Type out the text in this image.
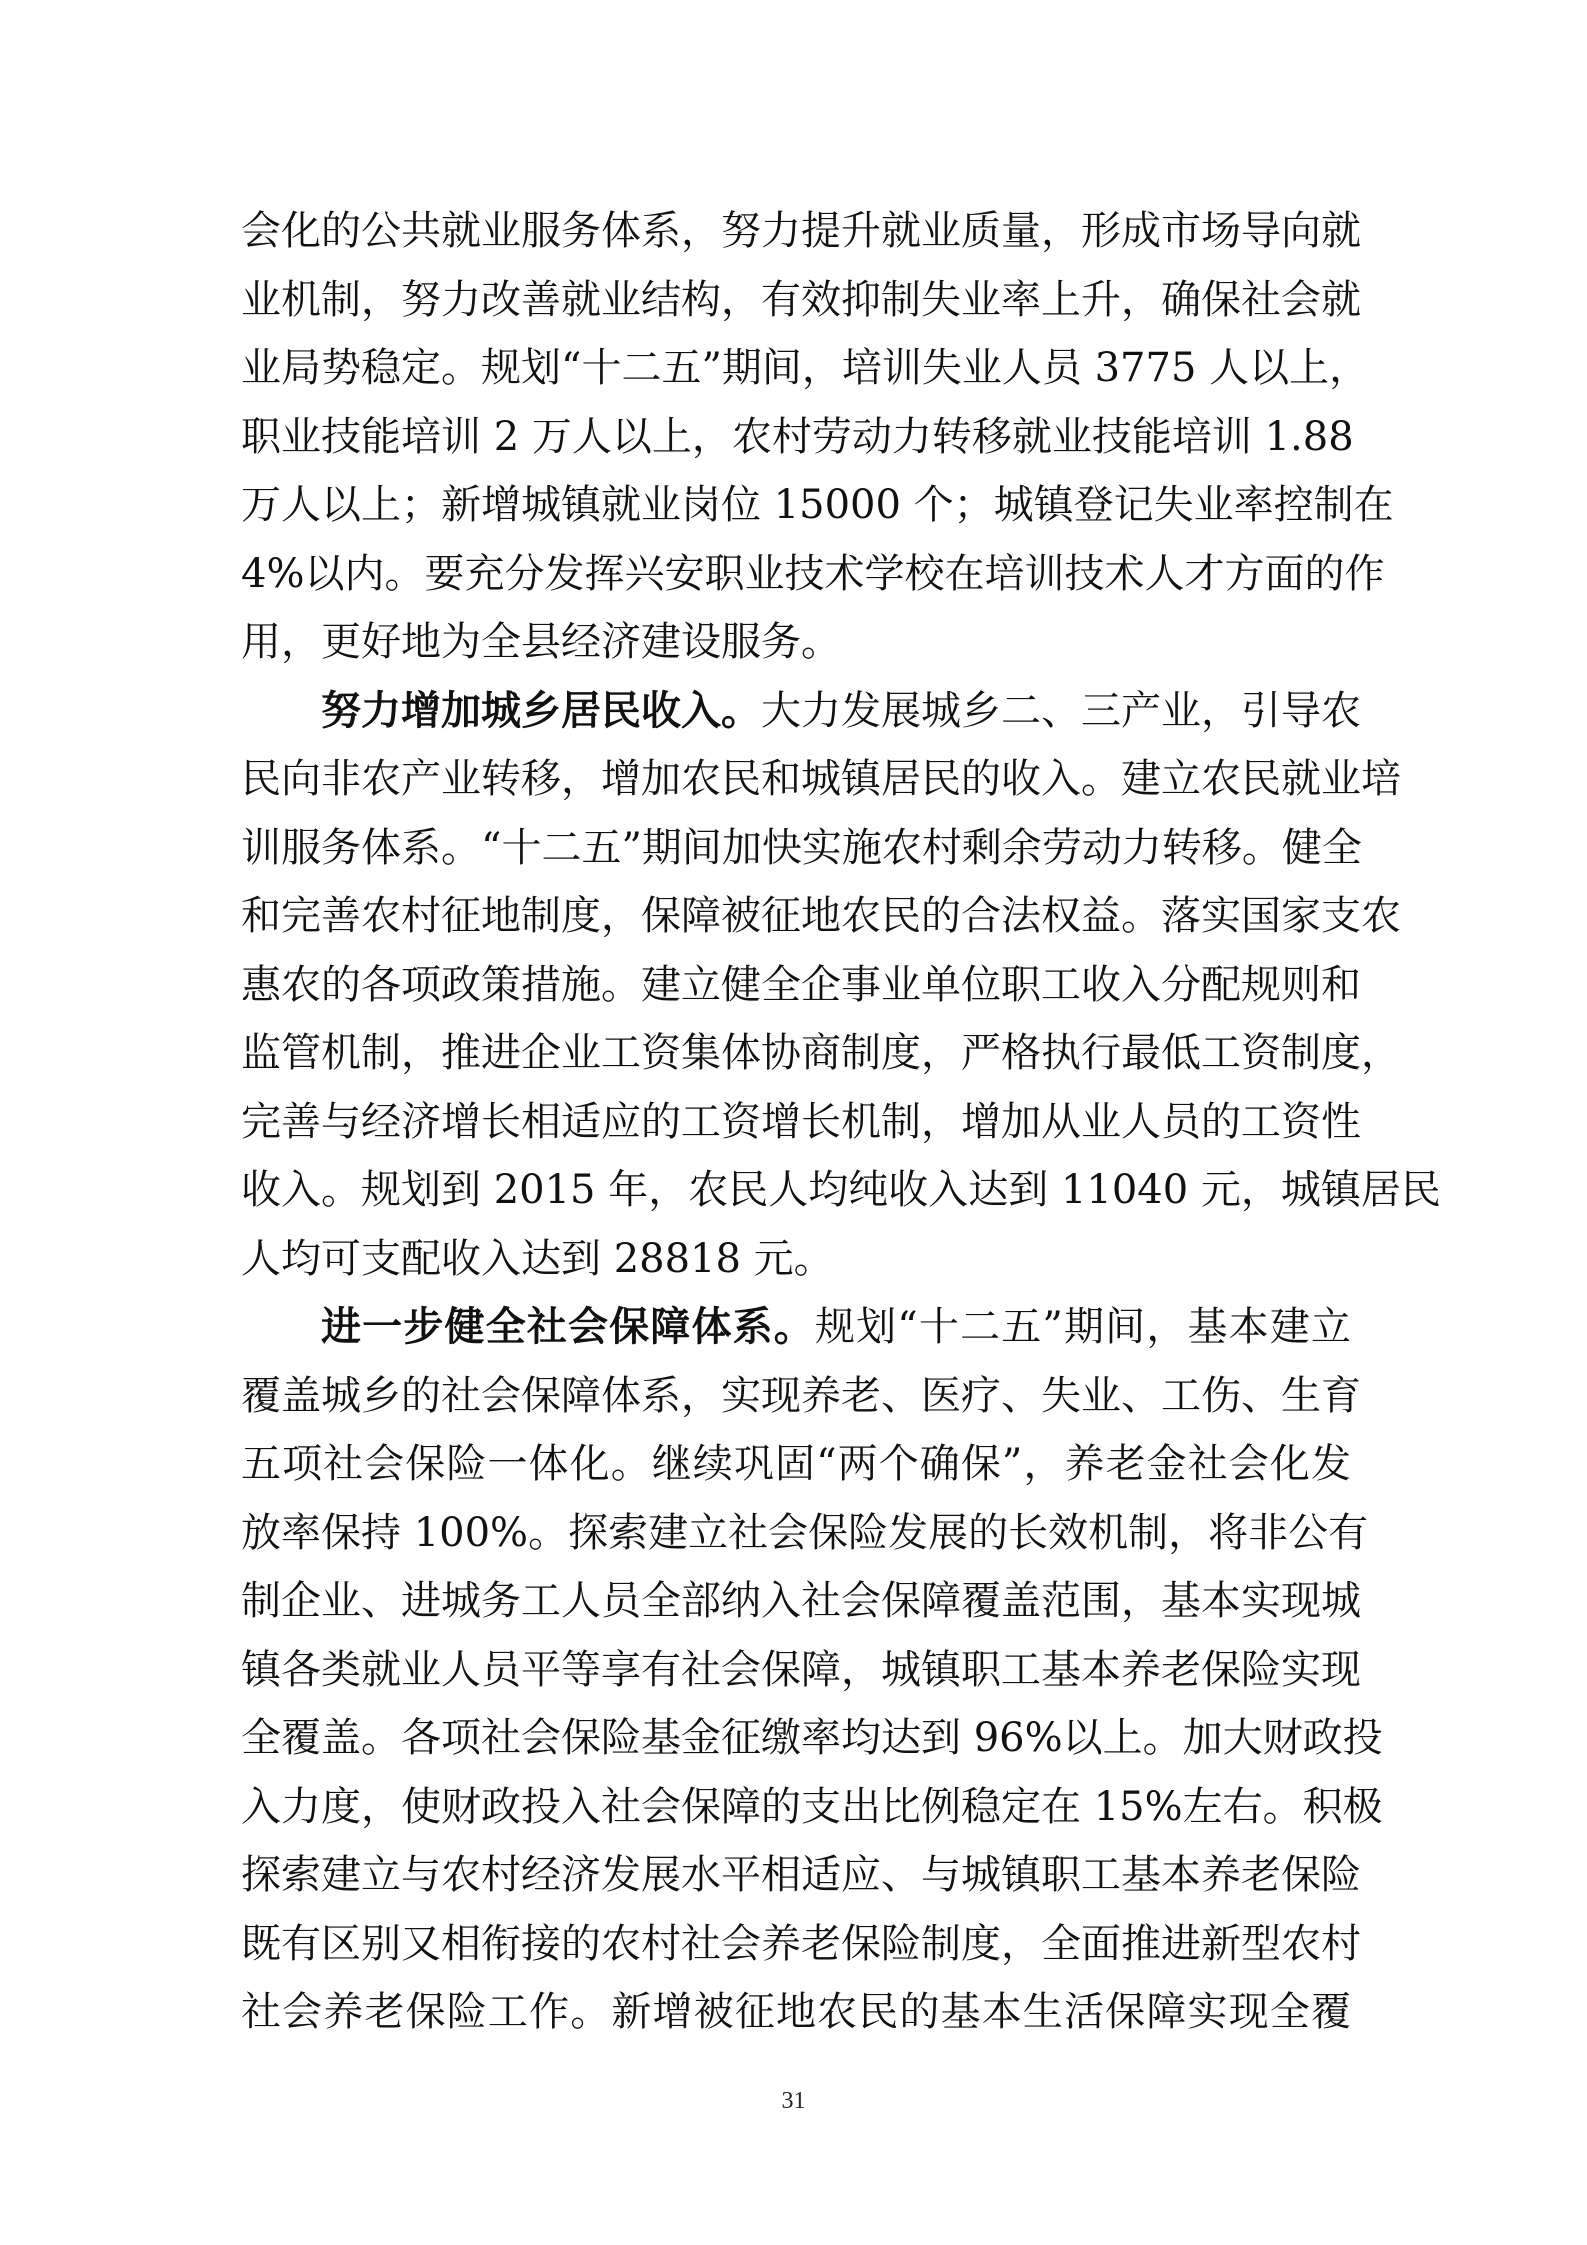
会化的公共就业服务体系，努力提升就业质量，形成市场导向就
业机制，努力改善就业结构，有效抑制失业率上升，确保社会就
业局势稳定。规划“十二五”期间，培训失业人员 3775 人以上，
职业技能培训 2 万人以上，农村劳动力转移就业技能培训 1.88
万人以上；新增城镇就业岗位 15000 个；城镇登记失业率控制在
4%以内。要充分发挥兴安职业技术学校在培训技术人才方面的作
用，更好地为全县经济建设服务。
努力增加城乡居民收入。大力发展城乡二、三产业，引导农
民向非农产业转移，增加农民和城镇居民的收入。建立农民就业培
训服务体系。“十二五”期间加快实施农村剩余劳动力转移。健全
和完善农村征地制度，保障被征地农民的合法权益。落实国家支农
惠农的各项政策措施。建立健全企事业单位职工收入分配规则和
监管机制，推进企业工资集体协商制度，严格执行最低工资制度，
完善与经济增长相适应的工资增长机制，增加从业人员的工资性
收入。规划到 2015 年，农民人均纯收入达到 11040 元，城镇居民
人均可支配收入达到 28818 元。
进一步健全社会保障体系。规划“十二五”期间，基本建立
覆盖城乡的社会保障体系，实现养老、医疗、失业、工伤、生育
五项社会保险一体化。继续巩固“两个确保”，养老金社会化发
放率保持 100%。探索建立社会保险发展的长效机制，将非公有
制企业、进城务工人员全部纳入社会保障覆盖范围，基本实现城
镇各类就业人员平等享有社会保障，城镇职工基本养老保险实现
全覆盖。各项社会保险基金征缴率均达到 96%以上。加大财政投
入力度，使财政投入社会保障的支出比例稳定在 15%左右。积极
探索建立与农村经济发展水平相适应、与城镇职工基本养老保险
既有区别又相衔接的农村社会养老保险制度，全面推进新型农村
社会养老保险工作。新增被征地农民的基本生活保障实现全覆
31
